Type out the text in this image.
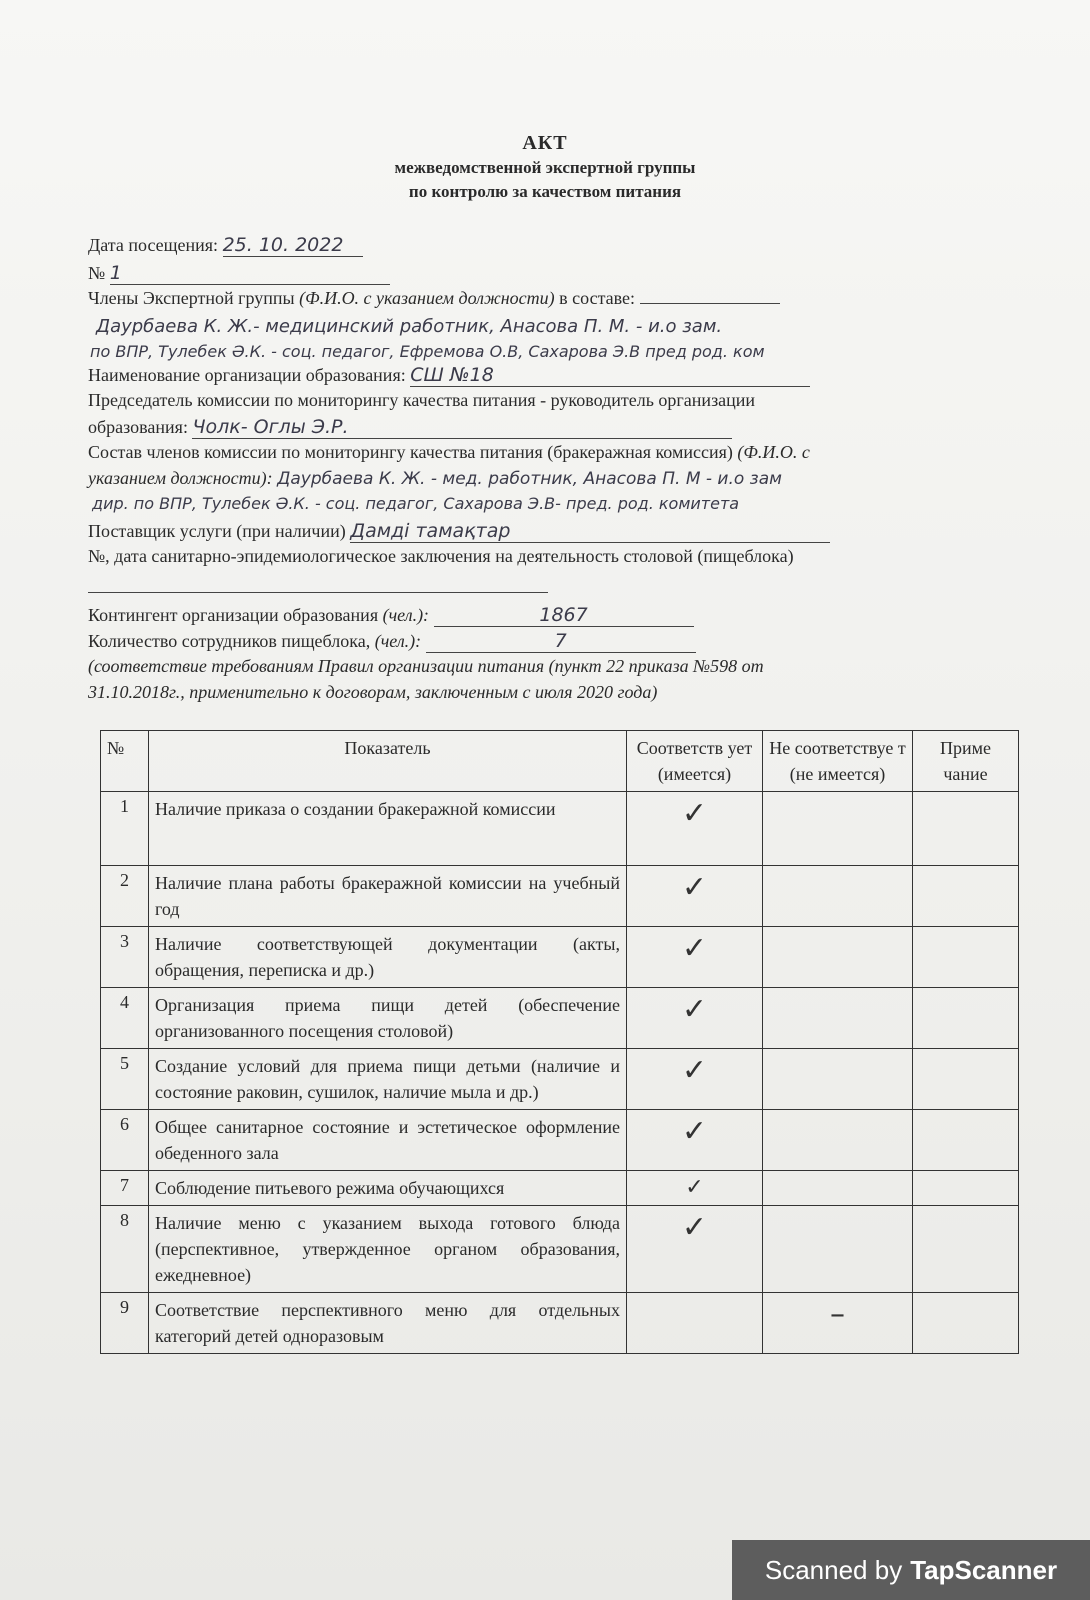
АКТ
межведомственной экспертной группы
по контролю за качеством питания
Дата посещения: 25. 10. 2022
№ 1
Члены Экспертной группы (Ф.И.О. с указанием должности) в составе:
Даурбаева К. Ж.- медицинский работник, Анасова П. М. - и.о зам.
по ВПР, Тулебек Ә.К. - соц. педагог, Ефремова О.В, Сахарова Э.В пред род. ком
Наименование организации образования: СШ №18
Председатель комиссии по мониторингу качества питания - руководитель организации
образования: Чолк- Оглы Э.Р.
Состав членов комиссии по мониторингу качества питания (бракеражная комиссия) (Ф.И.О. с
указанием должности): Даурбаева К. Ж. - мед. работник, Анасова П. М - и.о зам
дир. по ВПР, Тулебек Ә.К. - соц. педагог, Сахарова Э.В- пред. род. комитета
Поставщик услуги (при наличии) Дамді тамақтар
№, дата санитарно-эпидемиологическое заключения на деятельность столовой (пищеблока)
Контингент организации образования (чел.):	1867
Количество сотрудников пищеблока, (чел.):	7
(соответствие требованиям Правил организации питания (пункт 22 приказа №598 от
31.10.2018г., применительно к договорам, заключенным с июля 2020 года)
№	Показатель	Соответств ует (имеется)	Не соответствуе т (не имеется)	Приме чание
1	Наличие приказа о создании бракеражной комиссии	✓		
2	Наличие плана работы бракеражной комиссии на учебный год	✓		
3	Наличие соответствующей документации (акты, обращения, переписка и др.)	✓		
4	Организация приема пищи детей (обеспечение организованного посещения столовой)	✓		
5	Создание условий для приема пищи детьми (наличие и состояние раковин, сушилок, наличие мыла и др.)	✓		
6	Общее санитарное состояние и эстетическое оформление обеденного зала	✓		
7	Соблюдение питьевого режима обучающихся	✓		
8	Наличие меню с указанием выхода готового блюда (перспективное, утвержденное органом образования, ежедневное)	✓		
9	Соответствие перспективного меню для отдельных категорий детей одноразовым		–	
Scanned by TapScanner
